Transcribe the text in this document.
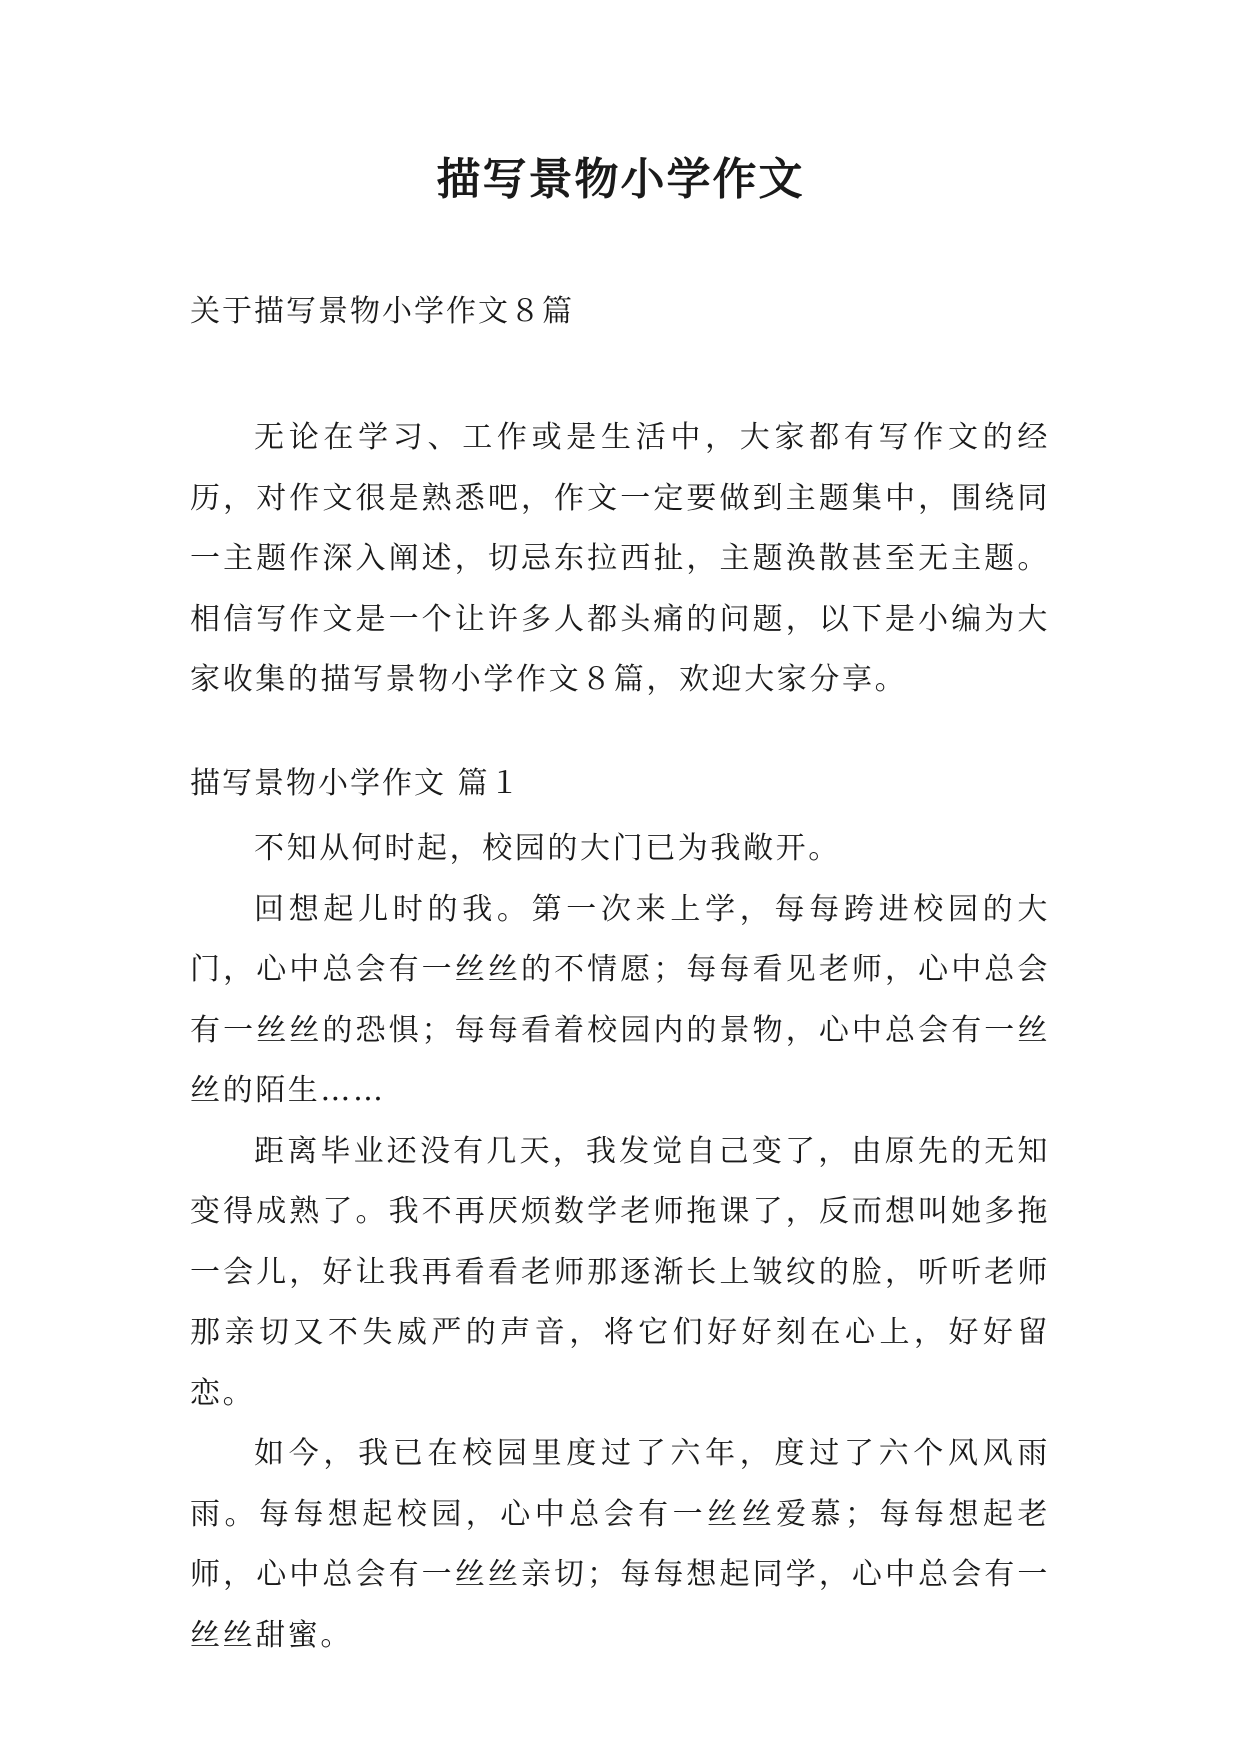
描写景物小学作文

关于描写景物小学作文８篇

无论在学习、工作或是生活中，大家都有写作文的经历，对作文很是熟悉吧，作文一定要做到主题集中，围绕同一主题作深入阐述，切忌东拉西扯，主题涣散甚至无主题。相信写作文是一个让许多人都头痛的问题，以下是小编为大家收集的描写景物小学作文８篇，欢迎大家分享。

描写景物小学作文 篇１

不知从何时起，校园的大门已为我敞开。

回想起儿时的我。第一次来上学，每每跨进校园的大门，心中总会有一丝丝的不情愿；每每看见老师，心中总会有一丝丝的恐惧；每每看着校园内的景物，心中总会有一丝丝的陌生……

距离毕业还没有几天，我发觉自己变了，由原先的无知变得成熟了。我不再厌烦数学老师拖课了，反而想叫她多拖一会儿，好让我再看看老师那逐渐长上皱纹的脸，听听老师那亲切又不失威严的声音，将它们好好刻在心上，好好留恋。

如今，我已在校园里度过了六年，度过了六个风风雨雨。每每想起校园，心中总会有一丝丝爱慕；每每想起老师，心中总会有一丝丝亲切；每每想起同学，心中总会有一丝丝甜蜜。
